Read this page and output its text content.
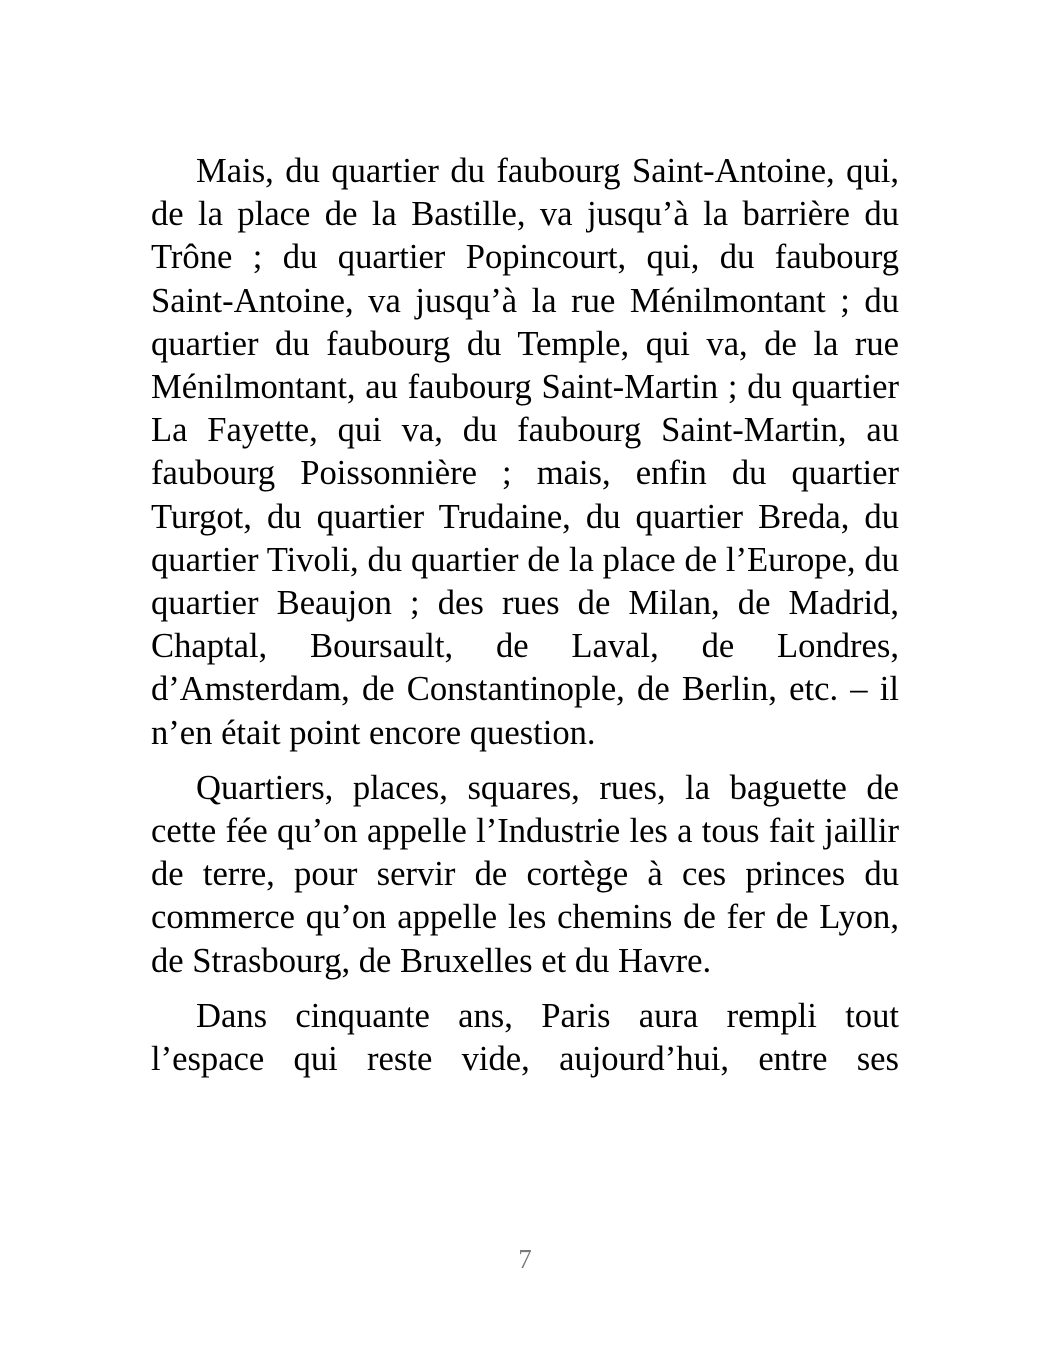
Mais, du quartier du faubourg Saint-Antoine, qui, de la place de la Bastille, va jusqu’à la barrière du Trône ; du quartier Popincourt, qui, du faubourg Saint-Antoine, va jusqu’à la rue Ménilmontant ; du quartier du faubourg du Temple, qui va, de la rue Ménilmontant, au faubourg Saint-Martin ; du quartier La Fayette, qui va, du faubourg Saint-Martin, au faubourg Poissonnière ; mais, enfin du quartier Turgot, du quartier Trudaine, du quartier Breda, du quartier Tivoli, du quartier de la place de l’Europe, du quartier Beaujon ; des rues de Milan, de Madrid, Chaptal, Boursault, de Laval, de Londres, d’Amsterdam, de Constantinople, de Berlin, etc. – il n’en était point encore question.

Quartiers, places, squares, rues, la baguette de cette fée qu’on appelle l’Industrie les a tous fait jaillir de terre, pour servir de cortège à ces princes du commerce qu’on appelle les chemins de fer de Lyon, de Strasbourg, de Bruxelles et du Havre.

Dans cinquante ans, Paris aura rempli tout l’espace qui reste vide, aujourd’hui, entre ses

7
